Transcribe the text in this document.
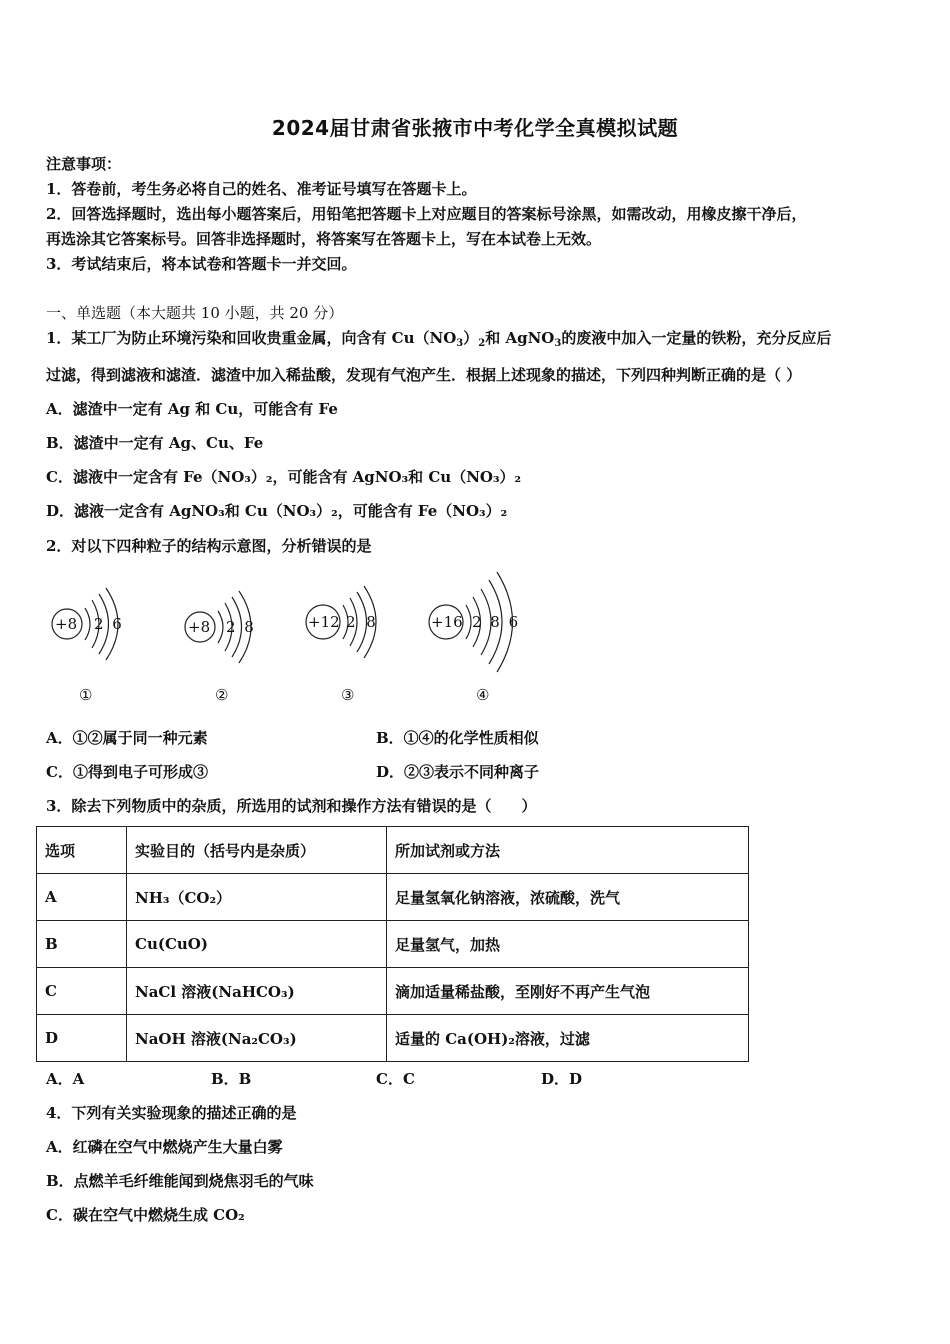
2024届甘肃省张掖市中考化学全真模拟试题
注意事项：
1．答卷前，考生务必将自己的姓名、准考证号填写在答题卡上。
2．回答选择题时，选出每小题答案后，用铅笔把答题卡上对应题目的答案标号涂黑，如需改动，用橡皮擦干净后，
再选涂其它答案标号。回答非选择题时，将答案写在答题卡上，写在本试卷上无效。
3．考试结束后，将本试卷和答题卡一并交回。
一、单选题（本大题共 10 小题，共 20 分）
1．某工厂为防止环境污染和回收贵重金属，向含有 $Cu(NO_3)_2$和 AgNO$_3$的废液中加入一定量的铁粉，充分反应后
过滤，得到滤液和滤渣．滤渣中加入稀盐酸，发现有气泡产生．根据上述现象的描述，下列四种判断正确的是（ ）
A．滤渣中一定有 Ag 和 Cu，可能含有 Fe
B．滤渣中一定有 Ag、Cu、Fe
C．滤液中一定含有 Fe（NO₃）₂，可能含有 AgNO₃和 Cu（NO₃）₂
D．滤液一定含有 AgNO₃和 Cu（NO₃）₂，可能含有 Fe（NO₃）₂
2．对以下四种粒子的结构示意图，分析错误的是
+8 2 6
①
+8 2 8
②
+12 2 8
③
+16 2 8 6
④
A．①②属于同一种元素	B．①④的化学性质相似
C．①得到电子可形成③	D．②③表示不同种离子
3．除去下列物质中的杂质，所选用的试剂和操作方法有错误的是（　　）
选项	实验目的（括号内是杂质）	所加试剂或方法
A	NH₃（CO₂）	足量氢氧化钠溶液，浓硫酸，洗气
B	Cu(CuO)	足量氢气，加热
C	NaCl 溶液(NaHCO₃)	滴加适量稀盐酸，至刚好不再产生气泡
D	NaOH 溶液(Na₂CO₃)	适量的 Ca(OH)₂溶液，过滤
A．A	B．B	C．C	D．D
4．下列有关实验现象的描述正确的是
A．红磷在空气中燃烧产生大量白雾
B．点燃羊毛纤维能闻到烧焦羽毛的气味
C．碳在空气中燃烧生成 CO₂
